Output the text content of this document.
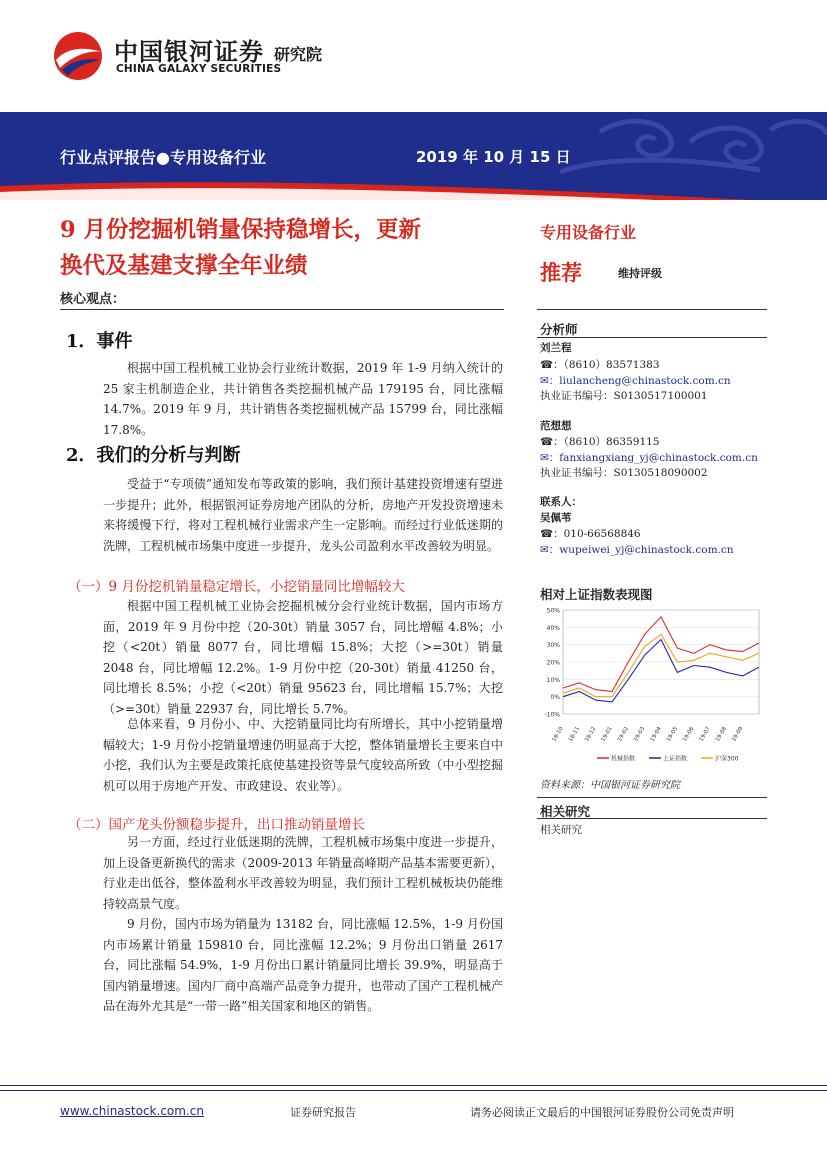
中国银河证券 研究院
CHINA GALAXY SECURITIES
行业点评报告●专用设备行业	2019 年 10 月 15 日
9 月份挖掘机销量保持稳增长，更新
换代及基建支撑全年业绩
核心观点：
1．事件
根据中国工程机械工业协会行业统计数据，2019 年 1-9 月纳入统计的 25 家主机制造企业，共计销售各类挖掘机械产品 179195 台，同比涨幅 14.7%。2019 年 9 月，共计销售各类挖掘机械产品 15799 台，同比涨幅 17.8%。
2．我们的分析与判断
受益于“专项债”通知发布等政策的影响，我们预计基建投资增速有望进一步提升；此外，根据银河证券房地产团队的分析，房地产开发投资增速未来将缓慢下行，将对工程机械行业需求产生一定影响。而经过行业低迷期的洗牌，工程机械市场集中度进一步提升，龙头公司盈利水平改善较为明显。
（一）9 月份挖机销量稳定增长，小挖销量同比增幅较大
根据中国工程机械工业协会挖掘机械分会行业统计数据，国内市场方面，2019 年 9 月份中挖（20-30t）销量 3057 台，同比增幅 4.8%；小挖（<20t）销量 8077 台，同比增幅 15.8%；大挖（>=30t）销量 2048 台，同比增幅 12.2%。1-9 月份中挖（20-30t）销量 41250 台，同比增长 8.5%；小挖（<20t）销量 95623 台，同比增幅 15.7%；大挖（>=30t）销量 22937 台，同比增长 5.7%。
总体来看，9 月份小、中、大挖销量同比均有所增长，其中小挖销量增幅较大；1-9 月份小挖销量增速仍明显高于大挖，整体销量增长主要来自中小挖，我们认为主要是政策托底使基建投资等景气度较高所致（中小型挖掘机可以用于房地产开发、市政建设、农业等）。
（二）国产龙头份额稳步提升，出口推动销量增长
另一方面，经过行业低迷期的洗牌，工程机械市场集中度进一步提升，加上设备更新换代的需求（2009-2013 年销量高峰期产品基本需要更新），行业走出低谷，整体盈利水平改善较为明显，我们预计工程机械板块仍能维持较高景气度。
9 月份，国内市场为销量为 13182 台，同比涨幅 12.5%，1-9 月份国内市场累计销量 159810 台，同比涨幅 12.2%；9 月份出口销量 2617 台，同比涨幅 54.9%，1-9 月份出口累计销量同比增长 39.9%，明显高于国内销量增速。国内厂商中高端产品竞争力提升，也带动了国产工程机械产品在海外尤其是“一带一路”相关国家和地区的销售。
专用设备行业
推荐	维持评级
分析师
刘兰程
☎：（8610）83571383
✉：liulancheng@chinastock.com.cn
执业证书编号：S0130517100001
范想想
☎：（8610）86359115
✉：fanxiangxiang_yj@chinastock.com.cn
执业证书编号：S0130518090002
联系人：
吴佩苇
☎：010-66568846
✉：wupeiwei_yj@chinastock.com.cn
相对上证指数表现图
50%
40%
30%
20%
10%
0%
-10%
18-10 18-11 18-12 19-01 19-02 19-03 19-04 19-05 19-06 19-07 19-08 19-09
机械指数	上证指数	沪深300
资料来源：中国银河证券研究院
相关研究
相关研究
www.chinastock.com.cn	证券研究报告	请务必阅读正文最后的中国银河证券股份公司免责声明
